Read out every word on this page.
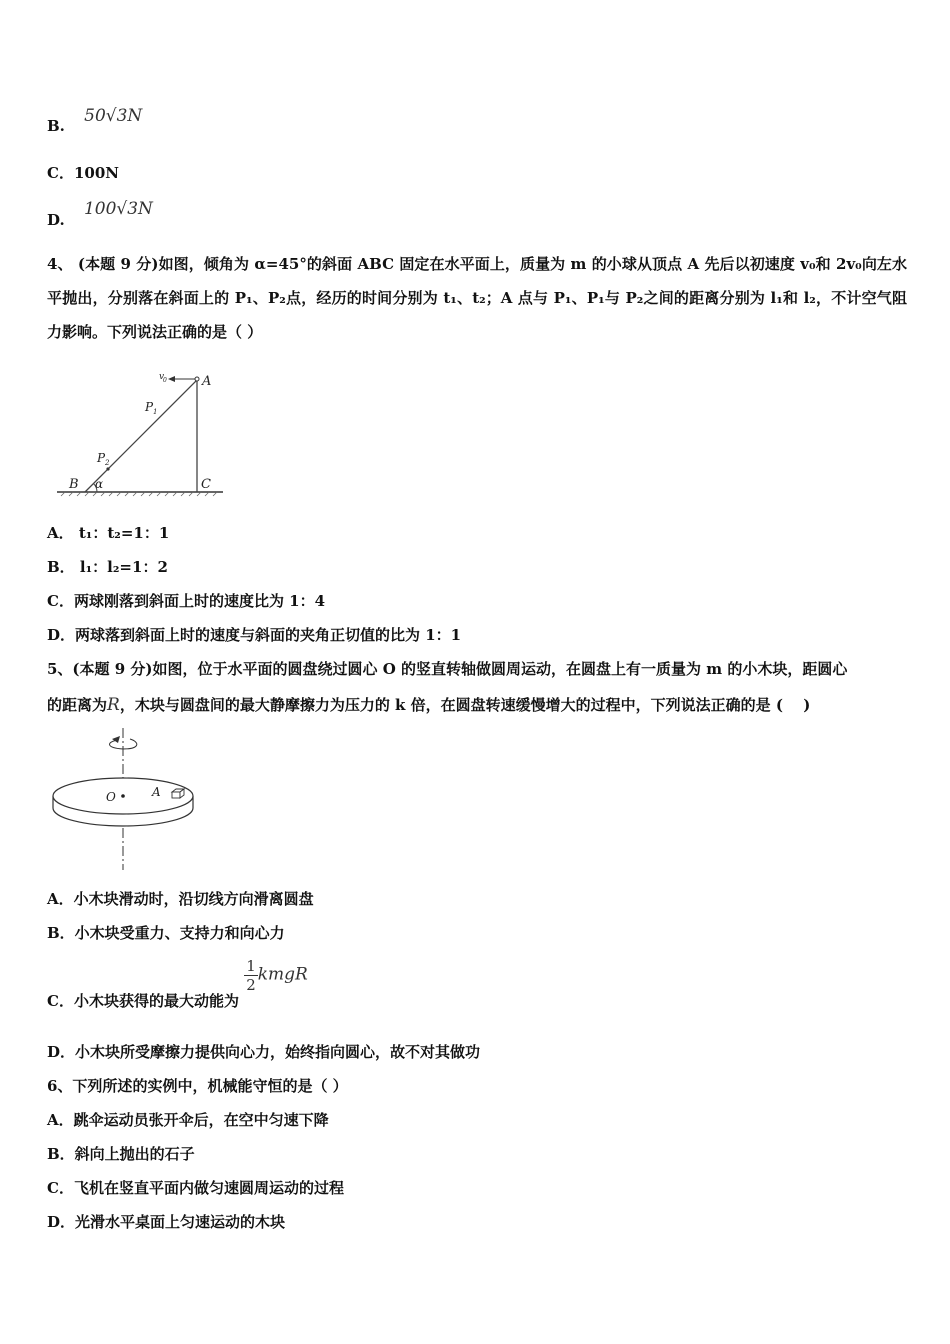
B. 50√3N
C．100N
D. 100√3N
4、 (本题 9 分)如图，倾角为 α=45°的斜面 ABC 固定在水平面上，质量为 m 的小球从顶点 A 先后以初速度 v₀和 2v₀向左水平抛出，分别落在斜面上的 P₁、P₂点，经历的时间分别为 t₁、t₂；A 点与 P₁、P₁与 P₂之间的距离分别为 l₁和 l₂，不计空气阻力影响。下列说法正确的是（ ）
v
0	A
P 1
P 2
B α	C
A． t₁：t₂=1：1
B． l₁：l₂=1：2
C．两球刚落到斜面上时的速度比为 1：4
D．两球落到斜面上时的速度与斜面的夹角正切值的比为 1：1
5、(本题 9 分)如图，位于水平面的圆盘绕过圆心 O 的竖直转轴做圆周运动，在圆盘上有一质量为 m 的小木块，距圆心
的距离为R，木块与圆盘间的最大静摩擦力为压力的 k 倍，在圆盘转速缓慢增大的过程中，下列说法正确的是 (　 )
O	A
A．小木块滑动时，沿切线方向滑离圆盘
B．小木块受重力、支持力和向心力
C．小木块获得的最大动能为
$\frac{1}{2}$ kmgR
D．小木块所受摩擦力提供向心力，始终指向圆心，故不对其做功
6、下列所述的实例中，机械能守恒的是（ ）
A．跳伞运动员张开伞后，在空中匀速下降
B．斜向上抛出的石子
C．飞机在竖直平面内做匀速圆周运动的过程
D．光滑水平桌面上匀速运动的木块
